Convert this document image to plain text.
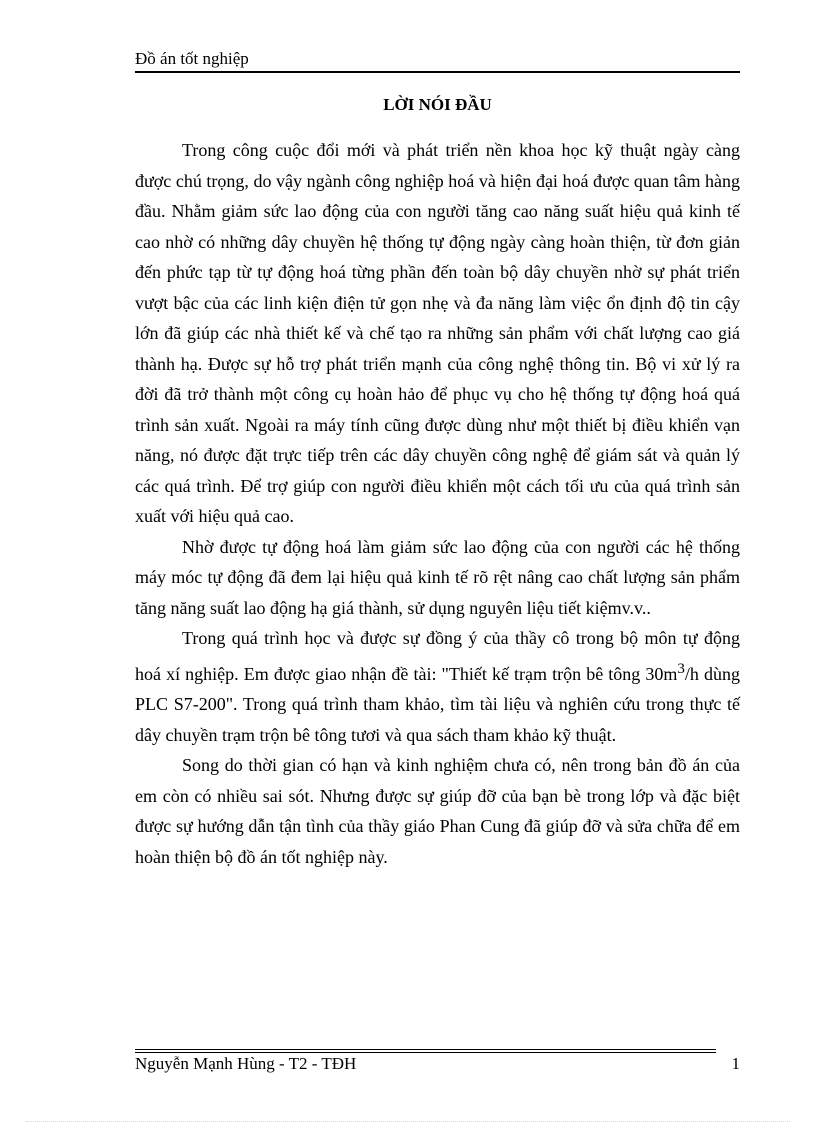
Đồ án tốt nghiệp
LỜI NÓI ĐẦU

Trong công cuộc đổi mới và phát triển nền khoa học kỹ thuật ngày càng được chú trọng, do vậy ngành công nghiệp hoá và hiện đại hoá được quan tâm hàng đầu. Nhằm giảm sức lao động của con người tăng cao năng suất hiệu quả kinh tế cao nhờ có những dây chuyền hệ thống tự động ngày càng hoàn thiện, từ đơn giản đến phức tạp từ tự động hoá từng phần đến toàn bộ dây chuyền nhờ sự phát triển vượt bậc của các linh kiện điện tử gọn nhẹ và đa năng làm việc ổn định độ tin cậy lớn đã giúp các nhà thiết kế và chế tạo ra những sản phẩm với chất lượng cao giá thành hạ. Được sự hỗ trợ phát triển mạnh của công nghệ thông tin. Bộ vi xử lý ra đời đã trở thành một công cụ hoàn hảo để phục vụ cho hệ thống tự động hoá quá trình sản xuất. Ngoài ra máy tính cũng được dùng như một thiết bị điều khiển vạn năng, nó được đặt trực tiếp trên các dây chuyền công nghệ để giám sát và quản lý các quá trình. Để trợ giúp con người điều khiển một cách tối ưu của quá trình sản xuất với hiệu quả cao.

Nhờ được tự động hoá làm giảm sức lao động của con người các hệ thống máy móc tự động đã đem lại hiệu quả kinh tế rõ rệt nâng cao chất lượng sản phẩm tăng năng suất lao động hạ giá thành, sử dụng nguyên liệu tiết kiệmv.v..

Trong quá trình học và được sự đồng ý của thầy cô trong bộ môn tự động hoá xí nghiệp. Em được giao nhận đề tài: "Thiết kế trạm trộn bê tông $30m^3/h$ dùng PLC S7-200". Trong quá trình tham khảo, tìm tài liệu và nghiên cứu trong thực tế dây chuyền trạm trộn bê tông tươi và qua sách tham khảo kỹ thuật.

Song do thời gian có hạn và kinh nghiệm chưa có, nên trong bản đồ án của em còn có nhiều sai sót. Nhưng được sự giúp đỡ của bạn bè trong lớp và đặc biệt được sự hướng dẫn tận tình của thầy giáo Phan Cung đã giúp đỡ và sửa chữa để em hoàn thiện bộ đồ án tốt nghiệp này.

Nguyễn Mạnh Hùng - T2 - TĐH	1
